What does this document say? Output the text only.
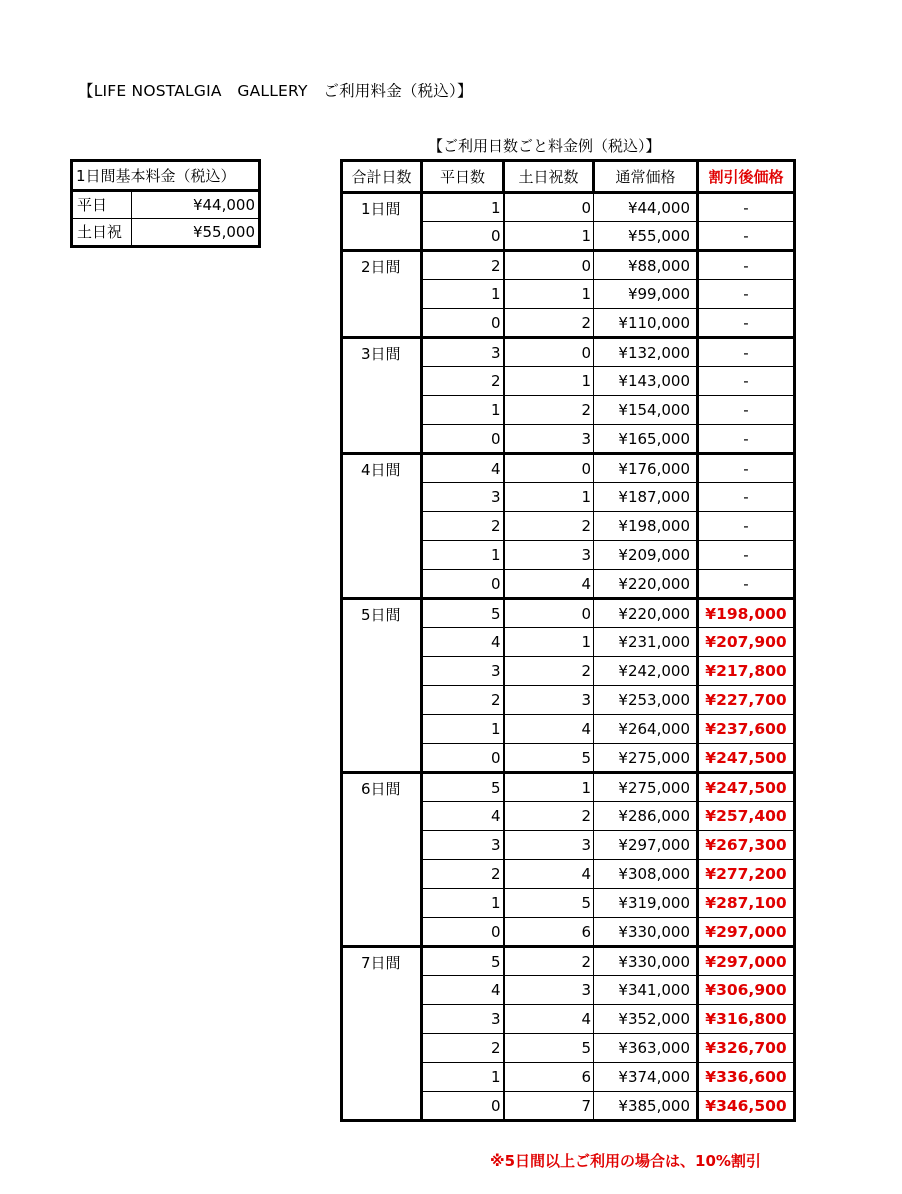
【LIFE NOSTALGIA　GALLERY　ご利用料金（税込）】
1日間基本料金（税込）	
平日	¥44,000
土日祝	¥55,000
【ご利用日数ごと料金例（税込）】
合計日数	平日数	土日祝数	通常価格	割引後価格
1日間	1	0	¥44,000	-
	0	1	¥55,000	-
2日間	2	0	¥88,000	-
	1	1	¥99,000	-
	0	2	¥110,000	-
3日間	3	0	¥132,000	-
	2	1	¥143,000	-
	1	2	¥154,000	-
	0	3	¥165,000	-
4日間	4	0	¥176,000	-
	3	1	¥187,000	-
	2	2	¥198,000	-
	1	3	¥209,000	-
	0	4	¥220,000	-
5日間	5	0	¥220,000	¥198,000
	4	1	¥231,000	¥207,900
	3	2	¥242,000	¥217,800
	2	3	¥253,000	¥227,700
	1	4	¥264,000	¥237,600
	0	5	¥275,000	¥247,500
6日間	5	1	¥275,000	¥247,500
	4	2	¥286,000	¥257,400
	3	3	¥297,000	¥267,300
	2	4	¥308,000	¥277,200
	1	5	¥319,000	¥287,100
	0	6	¥330,000	¥297,000
7日間	5	2	¥330,000	¥297,000
	4	3	¥341,000	¥306,900
	3	4	¥352,000	¥316,800
	2	5	¥363,000	¥326,700
	1	6	¥374,000	¥336,600
	0	7	¥385,000	¥346,500
※5日間以上ご利用の場合は、10%割引
